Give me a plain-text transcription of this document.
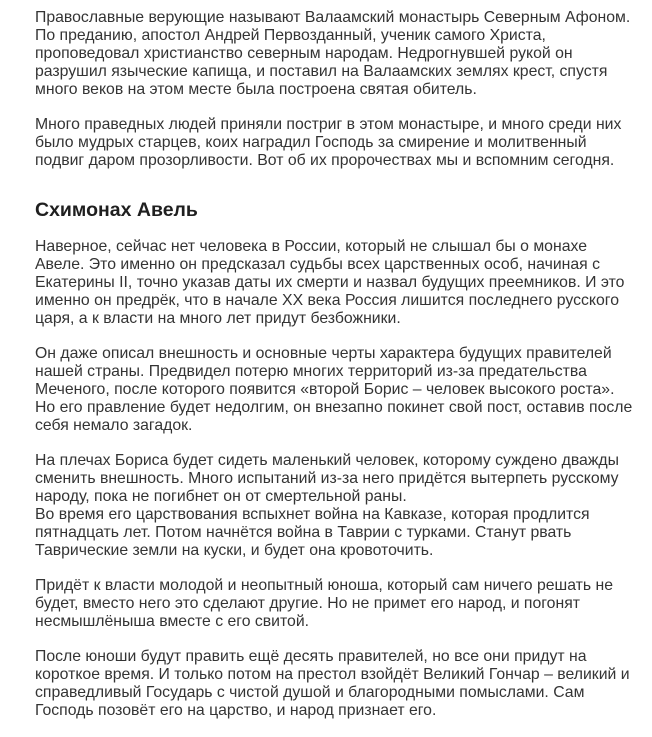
Православные верующие называют Валаамский монастырь Северным Афоном. По преданию, апостол Андрей Первозданный, ученик самого Христа, проповедовал христианство северным народам. Недрогнувшей рукой он разрушил языческие капища, и поставил на Валаамских землях крест, спустя много веков на этом месте была построена святая обитель.

Много праведных людей приняли постриг в этом монастыре, и много среди них было мудрых старцев, коих наградил Господь за смирение и молитвенный подвиг даром прозорливости. Вот об их пророчествах мы и вспомним сегодня.

Схимонах Авель

Наверное, сейчас нет человека в России, который не слышал бы о монахе Авеле. Это именно он предсказал судьбы всех царственных особ, начиная с Екатерины II, точно указав даты их смерти и назвал будущих преемников. И это именно он предрёк, что в начале XX века Россия лишится последнего русского царя, а к власти на много лет придут безбожники.

Он даже описал внешность и основные черты характера будущих правителей нашей страны. Предвидел потерю многих территорий из-за предательства Меченого, после которого появится «второй Борис – человек высокого роста». Но его правление будет недолгим, он внезапно покинет свой пост, оставив после себя немало загадок.

На плечах Бориса будет сидеть маленький человек, которому суждено дважды сменить внешность. Много испытаний из-за него придётся вытерпеть русскому народу, пока не погибнет он от смертельной раны.

Во время его царствования вспыхнет война на Кавказе, которая продлится пятнадцать лет. Потом начнётся война в Таврии с турками. Станут рвать Таврические земли на куски, и будет она кровоточить.

Придёт к власти молодой и неопытный юноша, который сам ничего решать не будет, вместо него это сделают другие. Но не примет его народ, и погонят несмышлёныша вместе с его свитой.

После юноши будут править ещё десять правителей, но все они придут на короткое время. И только потом на престол взойдёт Великий Гончар – великий и справедливый Государь с чистой душой и благородными помыслами. Сам Господь позовёт его на царство, и народ признает его.
